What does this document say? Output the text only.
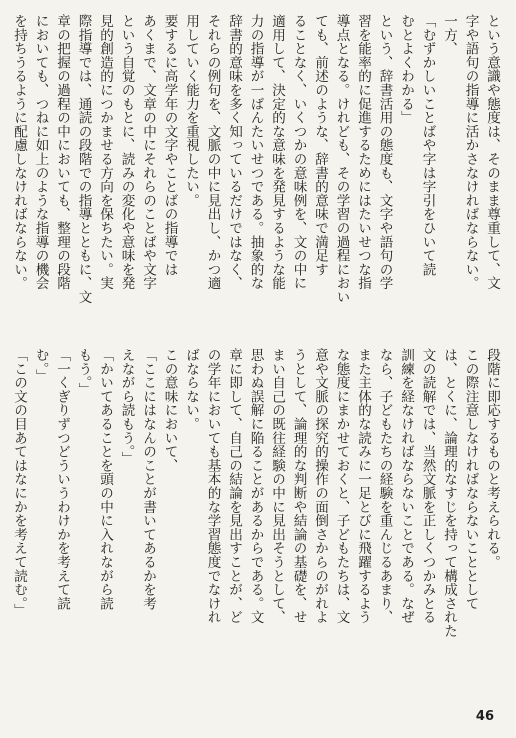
という意識や態度は、そのまま尊重して、文
字や語句の指導に活かさなければならない。
一方、
「むずかしいことばや字は字引をひいて読
むとよくわかる」
という、辞書活用の態度も、文字や語句の学
習を能率的に促進するためにはたいせつな指
導点となる。けれども、その学習の過程におい
ても、前述のような、辞書的意味で満足す
ることなく、いくつかの意味例を、文の中に
適用して、決定的な意味を発見するような能
力の指導が一ばんたいせつである。抽象的な
辞書的意味を多く知っているだけではなく、
それらの例句を、文脈の中に見出し、かつ適
用していく能力を重視したい。
要するに高学年の文字やことばの指導では
あくまで、文章の中にそれらのことばや文字
という自覚のもとに、読みの変化や意味を発
見的創造的につかませる方向を保ちたい。実
際指導では、通読の段階での指導とともに、文
章の把握の過程の中においても、整理の段階
においても、つねに如上のような指導の機会
を持ちうるように配慮しなければならない。
段階に即応するものと考えられる。
この際注意しなければならないこととして
は、とくに、論理的なすじを持って構成された
文の読解では、当然文脈を正しくつかみとる
訓練を経なければならないことである。なぜ
なら、子どもたちの経験を重んじるあまり、
また主体的な読みに一足とびに飛躍するよう
な態度にまかせておくと、子どもたちは、文
意や文脈の探究的操作の面倒さからのがれよ
うとして、論理的な判断や結論の基礎を、せ
まい自己の既往経験の中に見出そうとして、
思わぬ誤解に陥ることがあるからである。文
章に即して、自己の結論を見出すことが、ど
の学年においても基本的な学習態度でなけれ
ばならない。
この意味において、
「ここにはなんのことが書いてあるかを考
えながら読もう。」
「かいてあることを頭の中に入れながら読
もう。」
「一くぎりずつどういうわけかを考えて読
む。」
「この文の目あてはなにかを考えて読む。」
46
